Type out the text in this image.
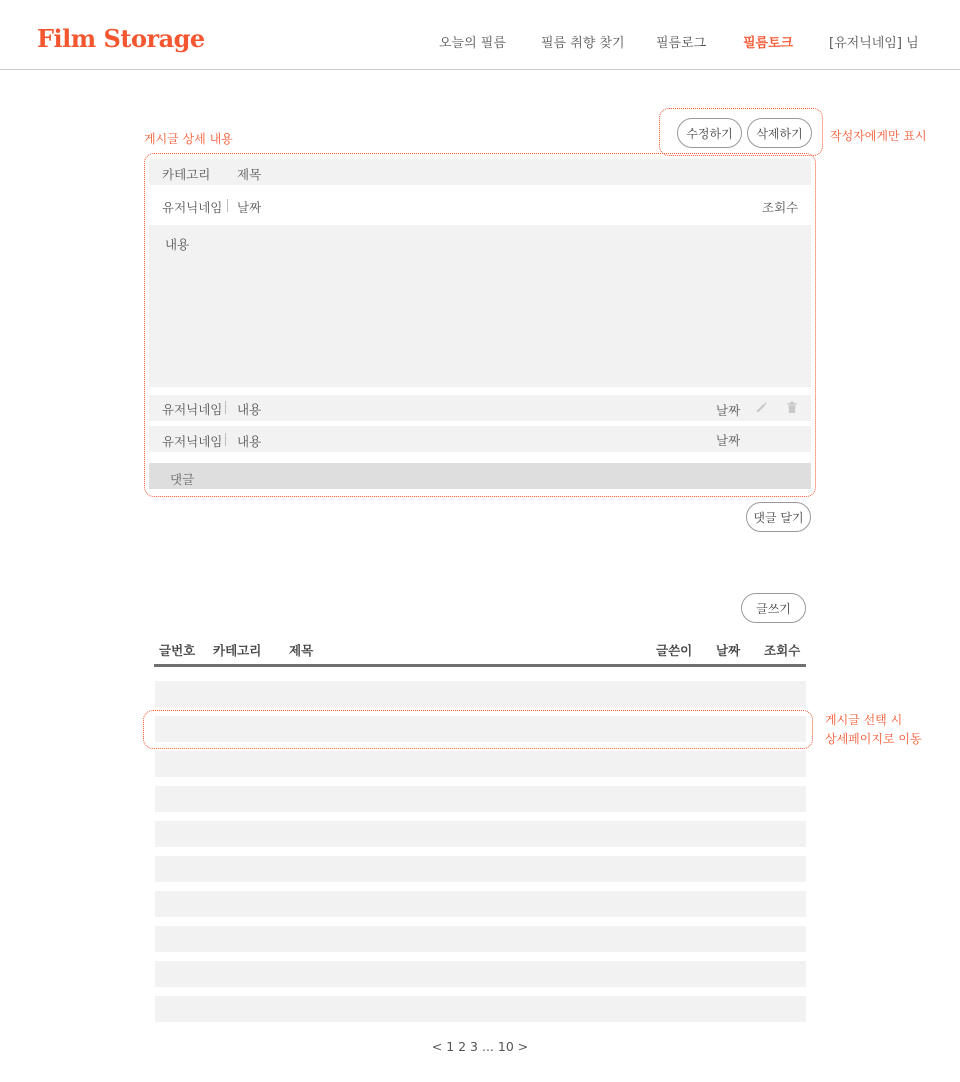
Film Storage	오늘의 필름	필름 취향 찾기 필름로그	필름토크	[유저닉네임] 님
게시글 상세 내용	작성자에게만 표시
게시글 선택 시
상세페이지로 이동
수정하기	삭제하기
카테고리 제목
유저닉네임 날짜	조회수
내용
유저닉네임 내용	날짜
유저닉네임 내용	날짜
댓글
댓글 달기
글쓰기
글번호 카테고리 제목	글쓴이 날짜 조회수
< 1 2 3 ... 10 >
